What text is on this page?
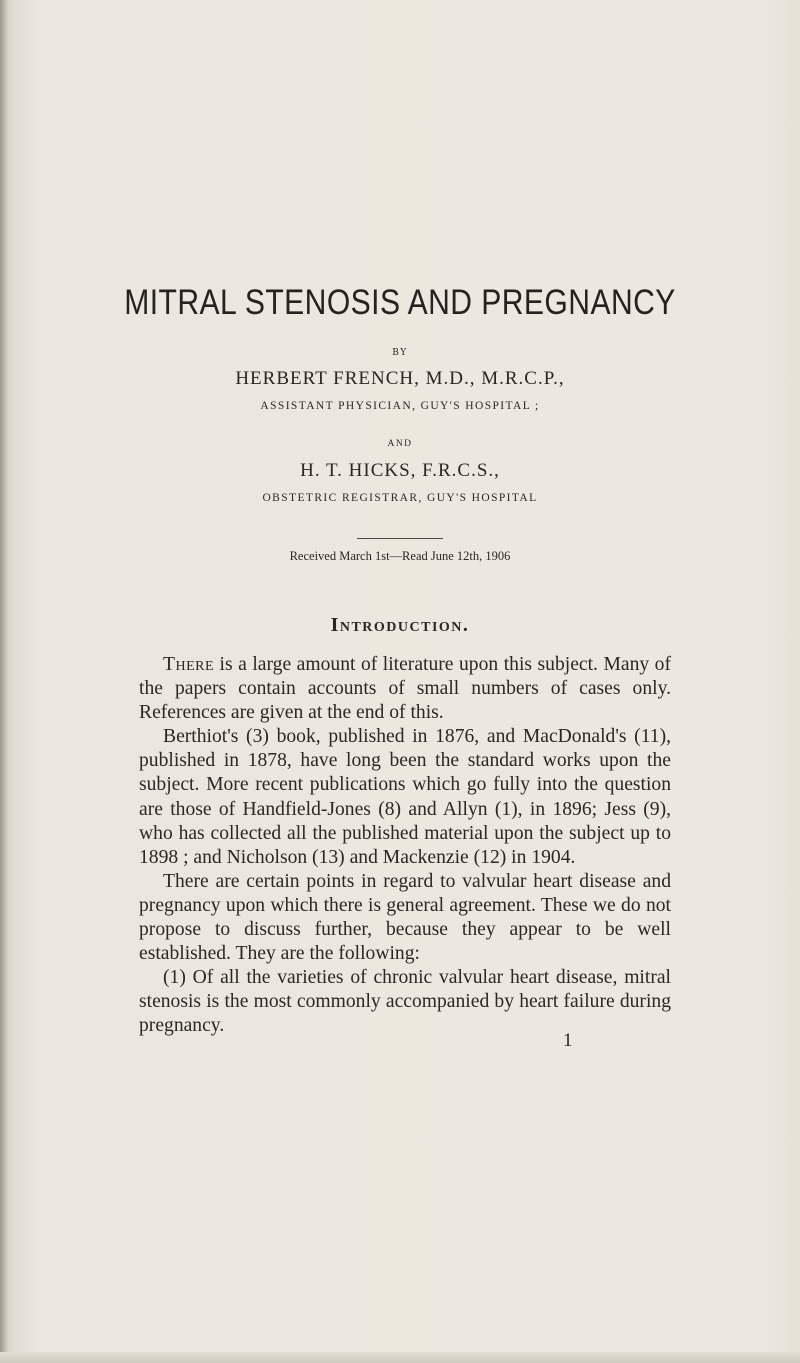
MITRAL STENOSIS AND PREGNANCY

BY

HERBERT FRENCH, M.D., M.R.C.P.,

ASSISTANT PHYSICIAN, GUY'S HOSPITAL ;

AND

H. T. HICKS, F.R.C.S.,

OBSTETRIC REGISTRAR, GUY'S HOSPITAL

Received March 1st—Read June 12th, 1906

Introduction.

There is a large amount of literature upon this subject. Many of the papers contain accounts of small numbers of cases only. References are given at the end of this.

Berthiot's (3) book, published in 1876, and MacDonald's (11), published in 1878, have long been the standard works upon the subject. More recent publications which go fully into the question are those of Handfield-Jones (8) and Allyn (1), in 1896; Jess (9), who has collected all the published material upon the subject up to 1898 ; and Nicholson (13) and Mackenzie (12) in 1904.

There are certain points in regard to valvular heart disease and pregnancy upon which there is general agreement. These we do not propose to discuss further, because they appear to be well established. They are the following:

(1) Of all the varieties of chronic valvular heart disease, mitral stenosis is the most commonly accompanied by heart failure during pregnancy.

1
